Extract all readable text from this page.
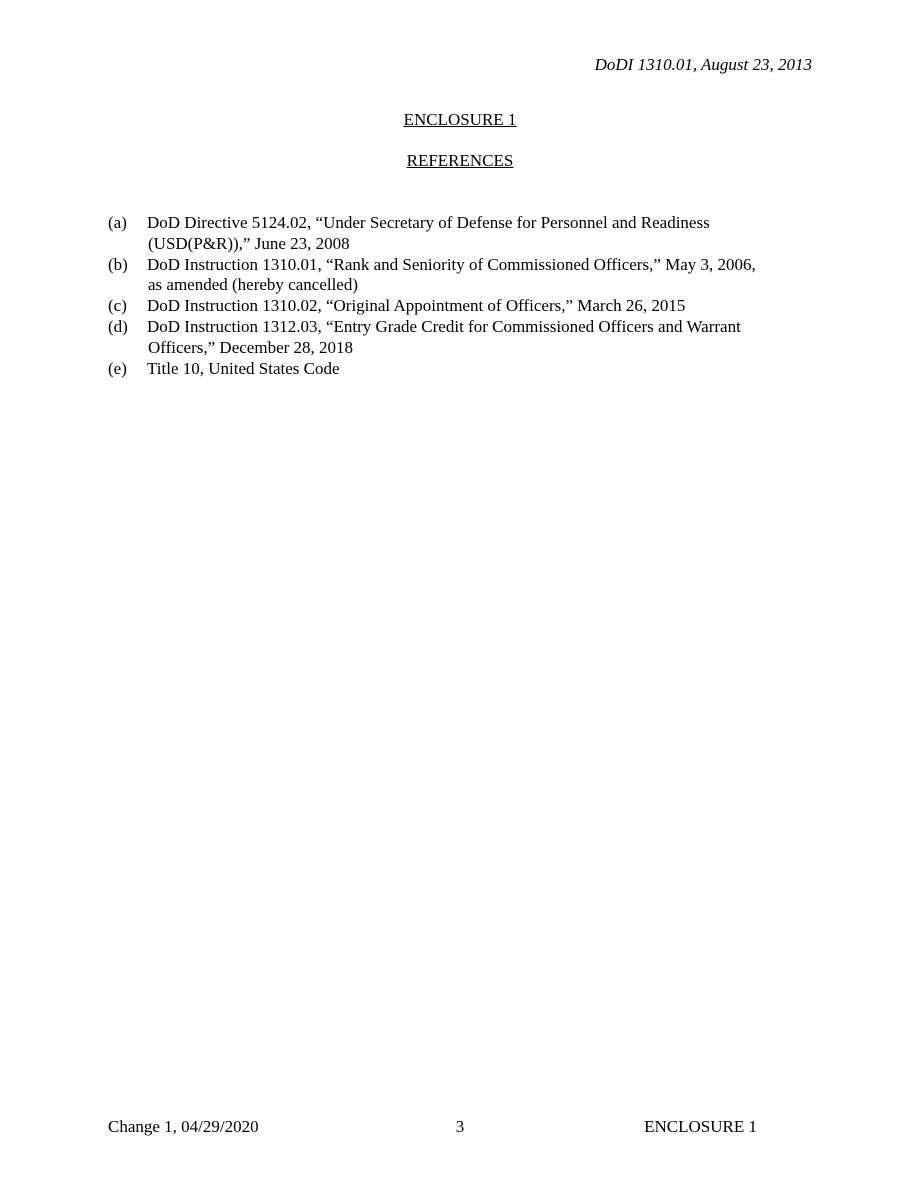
DoDI 1310.01, August 23, 2013
ENCLOSURE 1
REFERENCES
(a)	DoD Directive 5124.02, “Under Secretary of Defense for Personnel and Readiness
(USD(P&R)),” June 23, 2008
(b)	DoD Instruction 1310.01, “Rank and Seniority of Commissioned Officers,” May 3, 2006,
as amended (hereby cancelled)
(c)	DoD Instruction 1310.02, “Original Appointment of Officers,” March 26, 2015
(d)	DoD Instruction 1312.03, “Entry Grade Credit for Commissioned Officers and Warrant
Officers,” December 28, 2018
(e)	Title 10, United States Code
Change 1, 04/29/2020	3	ENCLOSURE 1
